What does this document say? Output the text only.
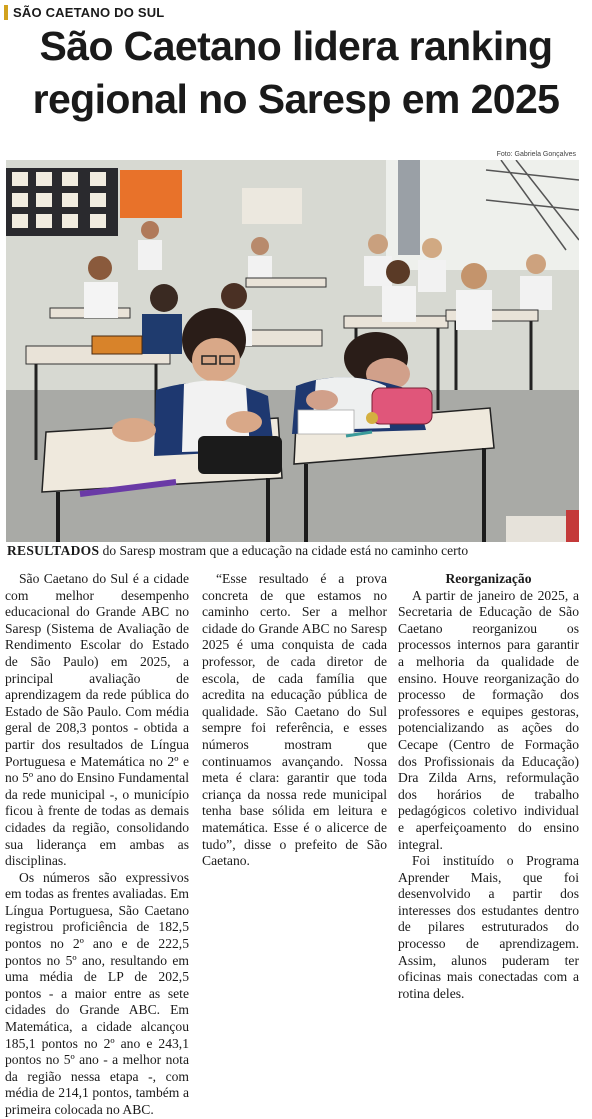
SÃO CAETANO DO SUL
São Caetano lidera ranking
regional no Saresp em 2025
Foto: Gabriela Gonçalves
RESULTADOS do Saresp mostram que a educação na cidade está no caminho certo

São Caetano do Sul é a cidade com melhor desempenho educacional do Grande ABC no Saresp (Sistema de Avaliação de Rendimento Escolar do Estado de São Paulo) em 2025, a principal avaliação de aprendizagem da rede pública do Estado de São Paulo. Com média geral de 208,3 pontos - obtida a partir dos resultados de Língua Portuguesa e Matemática no 2º e no 5º ano do Ensino Fundamental da rede municipal -, o município ficou à frente de todas as demais cidades da região, consolidando sua liderança em ambas as disciplinas.

Os números são expressivos em todas as frentes avaliadas. Em Língua Portuguesa, São Caetano registrou proficiência de 182,5 pontos no 2º ano e de 222,5 pontos no 5º ano, resultando em uma média de LP de 202,5 pontos - a maior entre as sete cidades do Grande ABC. Em Matemática, a cidade alcançou 185,1 pontos no 2º ano e 243,1 pontos no 5º ano - a melhor nota da região nessa etapa -, com média de 214,1 pontos, também a primeira colocada no ABC.

“Esse resultado é a prova concreta de que estamos no caminho certo. Ser a melhor cidade do Grande ABC no Saresp 2025 é uma conquista de cada professor, de cada diretor de escola, de cada família que acredita na educação pública de qualidade. São Caetano do Sul sempre foi referência, e esses números mostram que continuamos avançando. Nossa meta é clara: garantir que toda criança da nossa rede municipal tenha base sólida em leitura e matemática. Esse é o alicerce de tudo”, disse o prefeito de São Caetano.

Reorganização

A partir de janeiro de 2025, a Secretaria de Educação de São Caetano reorganizou os processos internos para garantir a melhoria da qualidade de ensino. Houve reorganização do processo de formação dos professores e equipes gestoras, potencializando as ações do Cecape (Centro de Formação dos Profissionais da Educação) Dra Zilda Arns, reformulação dos horários de trabalho pedagógicos coletivo individual e aperfeiçoamento do ensino integral.

Foi instituído o Programa Aprender Mais, que foi desenvolvido a partir dos interesses dos estudantes dentro de pilares estruturados do processo de aprendizagem. Assim, alunos puderam ter oficinas mais conectadas com a rotina deles.
